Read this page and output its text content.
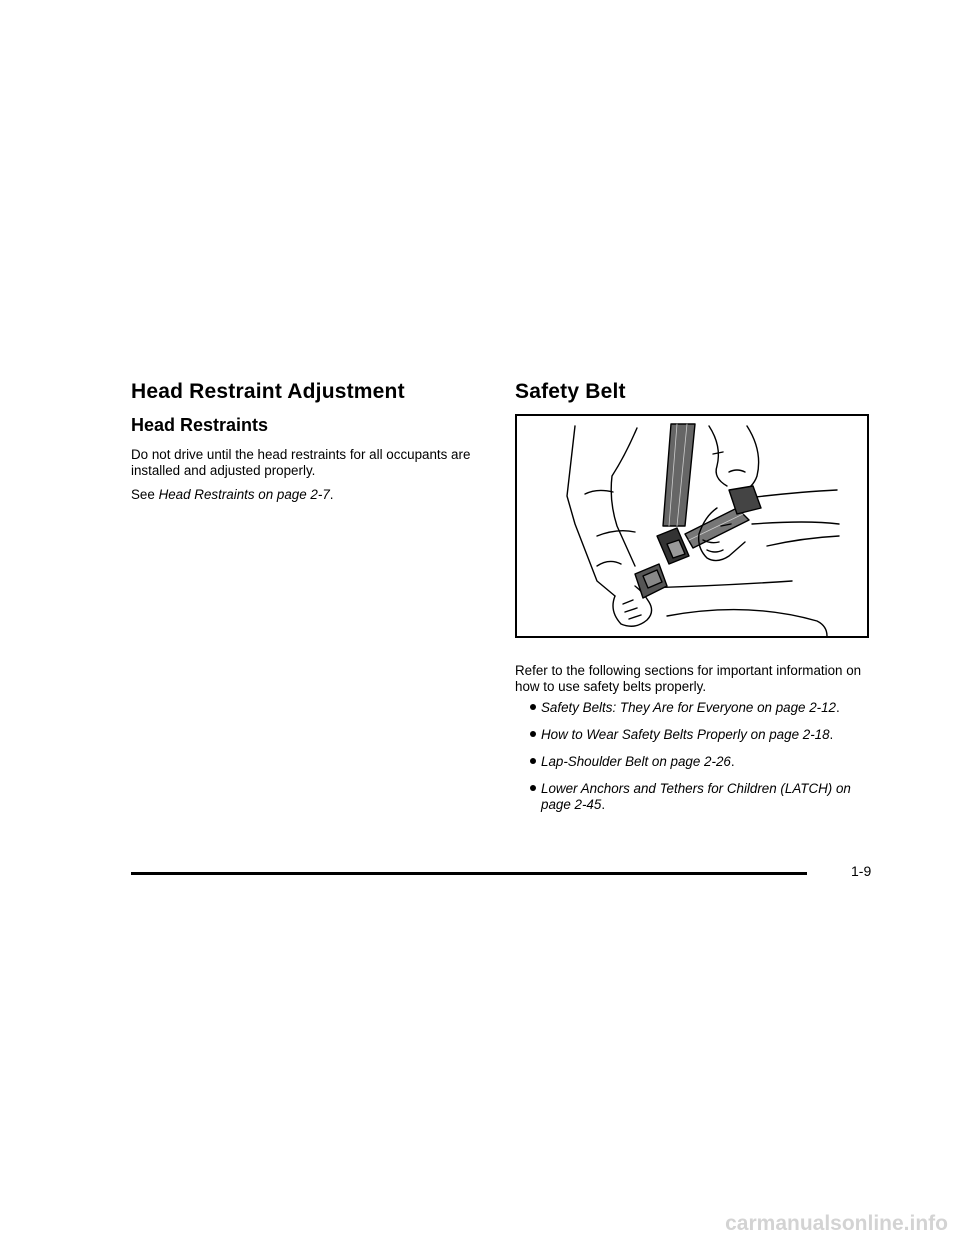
Head Restraint Adjustment
Head Restraints

Do not drive until the head restraints for all occupants are installed and adjusted properly.

See Head Restraints on page 2-7.

Safety Belt

Refer to the following sections for important information on how to use safety belts properly.

Safety Belts: They Are for Everyone on page 2-12.
How to Wear Safety Belts Properly on page 2-18.
Lap-Shoulder Belt on page 2-26.
Lower Anchors and Tethers for Children (LATCH) on page 2-45.
1-9
carmanualsonline.info
